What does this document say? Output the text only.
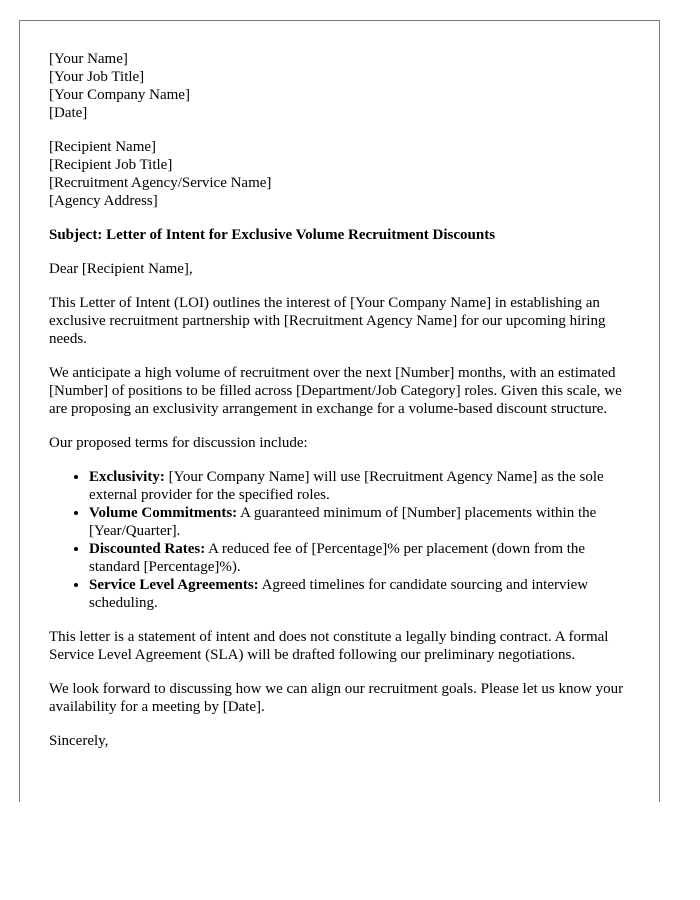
[Your Name]
[Your Job Title]
[Your Company Name]
[Date]
[Recipient Name]
[Recipient Job Title]
[Recruitment Agency/Service Name]
[Agency Address]

Subject: Letter of Intent for Exclusive Volume Recruitment Discounts

Dear [Recipient Name],

This Letter of Intent (LOI) outlines the interest of [Your Company Name] in establishing an exclusive recruitment partnership with [Recruitment Agency Name] for our upcoming hiring needs.

We anticipate a high volume of recruitment over the next [Number] months, with an estimated [Number] of positions to be filled across [Department/Job Category] roles. Given this scale, we are proposing an exclusivity arrangement in exchange for a volume-based discount structure.

Our proposed terms for discussion include:

• Exclusivity: [Your Company Name] will use [Recruitment Agency Name] as the sole external provider for the specified roles.
• Volume Commitments: A guaranteed minimum of [Number] placements within the [Year/Quarter].
• Discounted Rates: A reduced fee of [Percentage]% per placement (down from the standard [Percentage]%).
• Service Level Agreements: Agreed timelines for candidate sourcing and interview scheduling.

This letter is a statement of intent and does not constitute a legally binding contract. A formal Service Level Agreement (SLA) will be drafted following our preliminary negotiations.

We look forward to discussing how we can align our recruitment goals. Please let us know your availability for a meeting by [Date].

Sincerely,
